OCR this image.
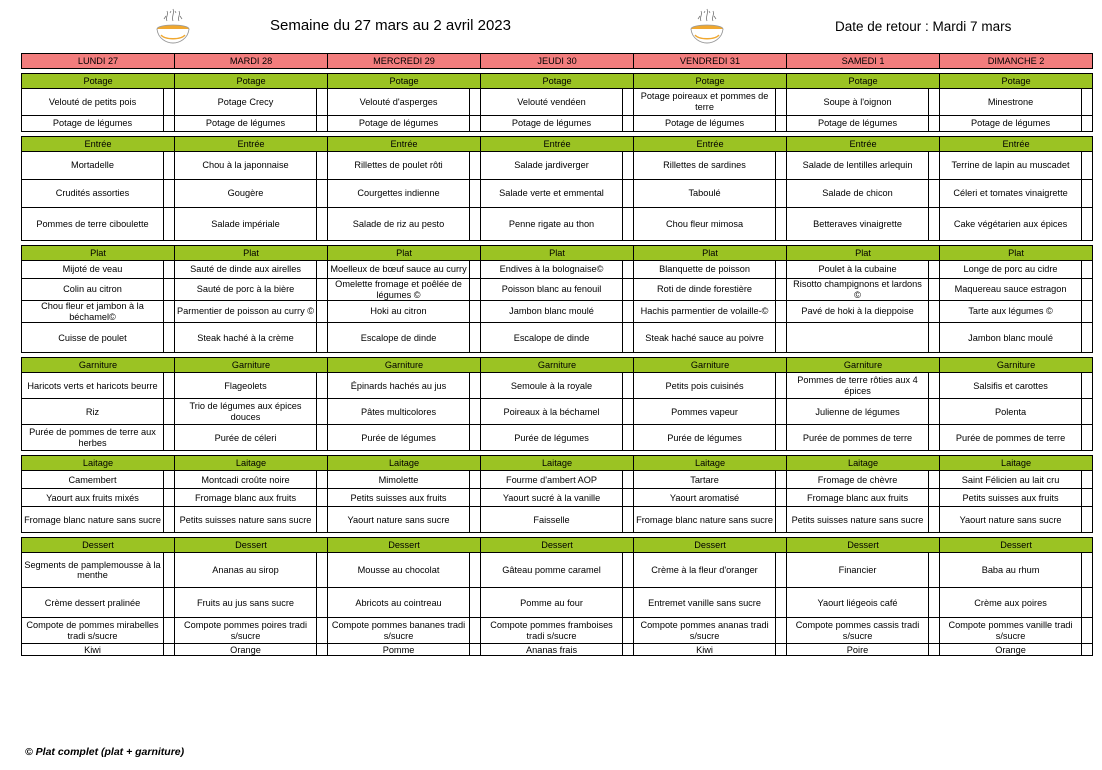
Semaine du 27 mars au 2 avril 2023	Date de retour : Mardi 7 mars
LUNDI 27		MARDI 28		MERCREDI 29		JEUDI 30		VENDREDI 31		SAMEDI 1		DIMANCHE 2	

Potage		Potage		Potage		Potage		Potage		Potage		Potage	
Velouté de petits pois		Potage Crecy		Velouté d'asperges		Velouté vendéen		Potage poireaux et pommes de terre		Soupe à l'oignon		Minestrone	
Potage de légumes		Potage de légumes		Potage de légumes		Potage de légumes		Potage de légumes		Potage de légumes		Potage de légumes	

Entrée		Entrée		Entrée		Entrée		Entrée		Entrée		Entrée	
Mortadelle		Chou à la japonnaise		Rillettes de poulet rôti		Salade jardiverger		Rillettes de sardines		Salade de lentilles arlequin		Terrine de lapin au muscadet	
Crudités assorties		Gougère		Courgettes indienne		Salade verte et emmental		Taboulé		Salade de chicon		Céleri et tomates vinaigrette	
Pommes de terre ciboulette		Salade impériale		Salade de riz au pesto		Penne rigate au thon		Chou fleur mimosa		Betteraves vinaigrette		Cake végétarien aux épices	

Plat		Plat		Plat		Plat		Plat		Plat		Plat	
Mijoté de veau		Sauté de dinde aux airelles		Moelleux de bœuf sauce au curry		Endives à la bolognaise©		Blanquette de poisson		Poulet à la cubaine		Longe de porc au cidre	
Colin au citron		Sauté de porc à la bière		Omelette fromage et poêlée de légumes ©		Poisson blanc au fenouil		Roti de dinde forestière		Risotto champignons et lardons ©		Maquereau sauce estragon	
Chou fleur et jambon à la béchamel©		Parmentier de poisson au curry ©		Hoki au citron		Jambon blanc moulé		Hachis parmentier de volaille-©		Pavé de hoki à la dieppoise		Tarte aux légumes ©	
Cuisse de poulet		Steak haché à la crème		Escalope de dinde		Escalope de dinde		Steak haché sauce au poivre				Jambon blanc moulé	

Garniture		Garniture		Garniture		Garniture		Garniture		Garniture		Garniture	
Haricots verts et haricots beurre		Flageolets		Épinards hachés au jus		Semoule à la royale		Petits pois cuisinés		Pommes de terre rôties aux 4 épices		Salsifis et carottes	
Riz		Trio de légumes aux épices douces		Pâtes multicolores		Poireaux à la béchamel		Pommes vapeur		Julienne de légumes		Polenta	
Purée de pommes de terre aux herbes		Purée de céleri		Purée de légumes		Purée de légumes		Purée de légumes		Purée de pommes de terre		Purée de pommes de terre	

Laitage		Laitage		Laitage		Laitage		Laitage		Laitage		Laitage	
Camembert		Montcadi croûte noire		Mimolette		Fourme d'ambert AOP		Tartare		Fromage de chèvre		Saint Félicien au lait cru	
Yaourt aux fruits mixés		Fromage blanc aux fruits		Petits suisses aux fruits		Yaourt sucré à la vanille		Yaourt aromatisé		Fromage blanc aux fruits		Petits suisses aux fruits	
Fromage blanc nature sans sucre		Petits suisses nature sans sucre		Yaourt nature sans sucre		Faisselle		Fromage blanc nature sans sucre		Petits suisses nature sans sucre		Yaourt nature sans sucre	

Dessert		Dessert		Dessert		Dessert		Dessert		Dessert		Dessert	
Segments de pamplemousse à la menthe		Ananas au sirop		Mousse au chocolat		Gâteau pomme caramel		Crème à la fleur d'oranger		Financier		Baba au rhum	
Crème dessert pralinée		Fruits au jus sans sucre		Abricots au cointreau		Pomme au four		Entremet vanille sans sucre		Yaourt liégeois café		Crème aux poires	
Compote de pommes mirabelles tradi s/sucre		Compote pommes poires tradi s/sucre		Compote pommes bananes tradi s/sucre		Compote pommes framboises tradi s/sucre		Compote pommes ananas tradi s/sucre		Compote pommes cassis tradi s/sucre		Compote pommes vanille tradi s/sucre	
Kiwi		Orange		Pomme		Ananas frais		Kiwi		Poire		Orange	
© Plat complet (plat + garniture)
